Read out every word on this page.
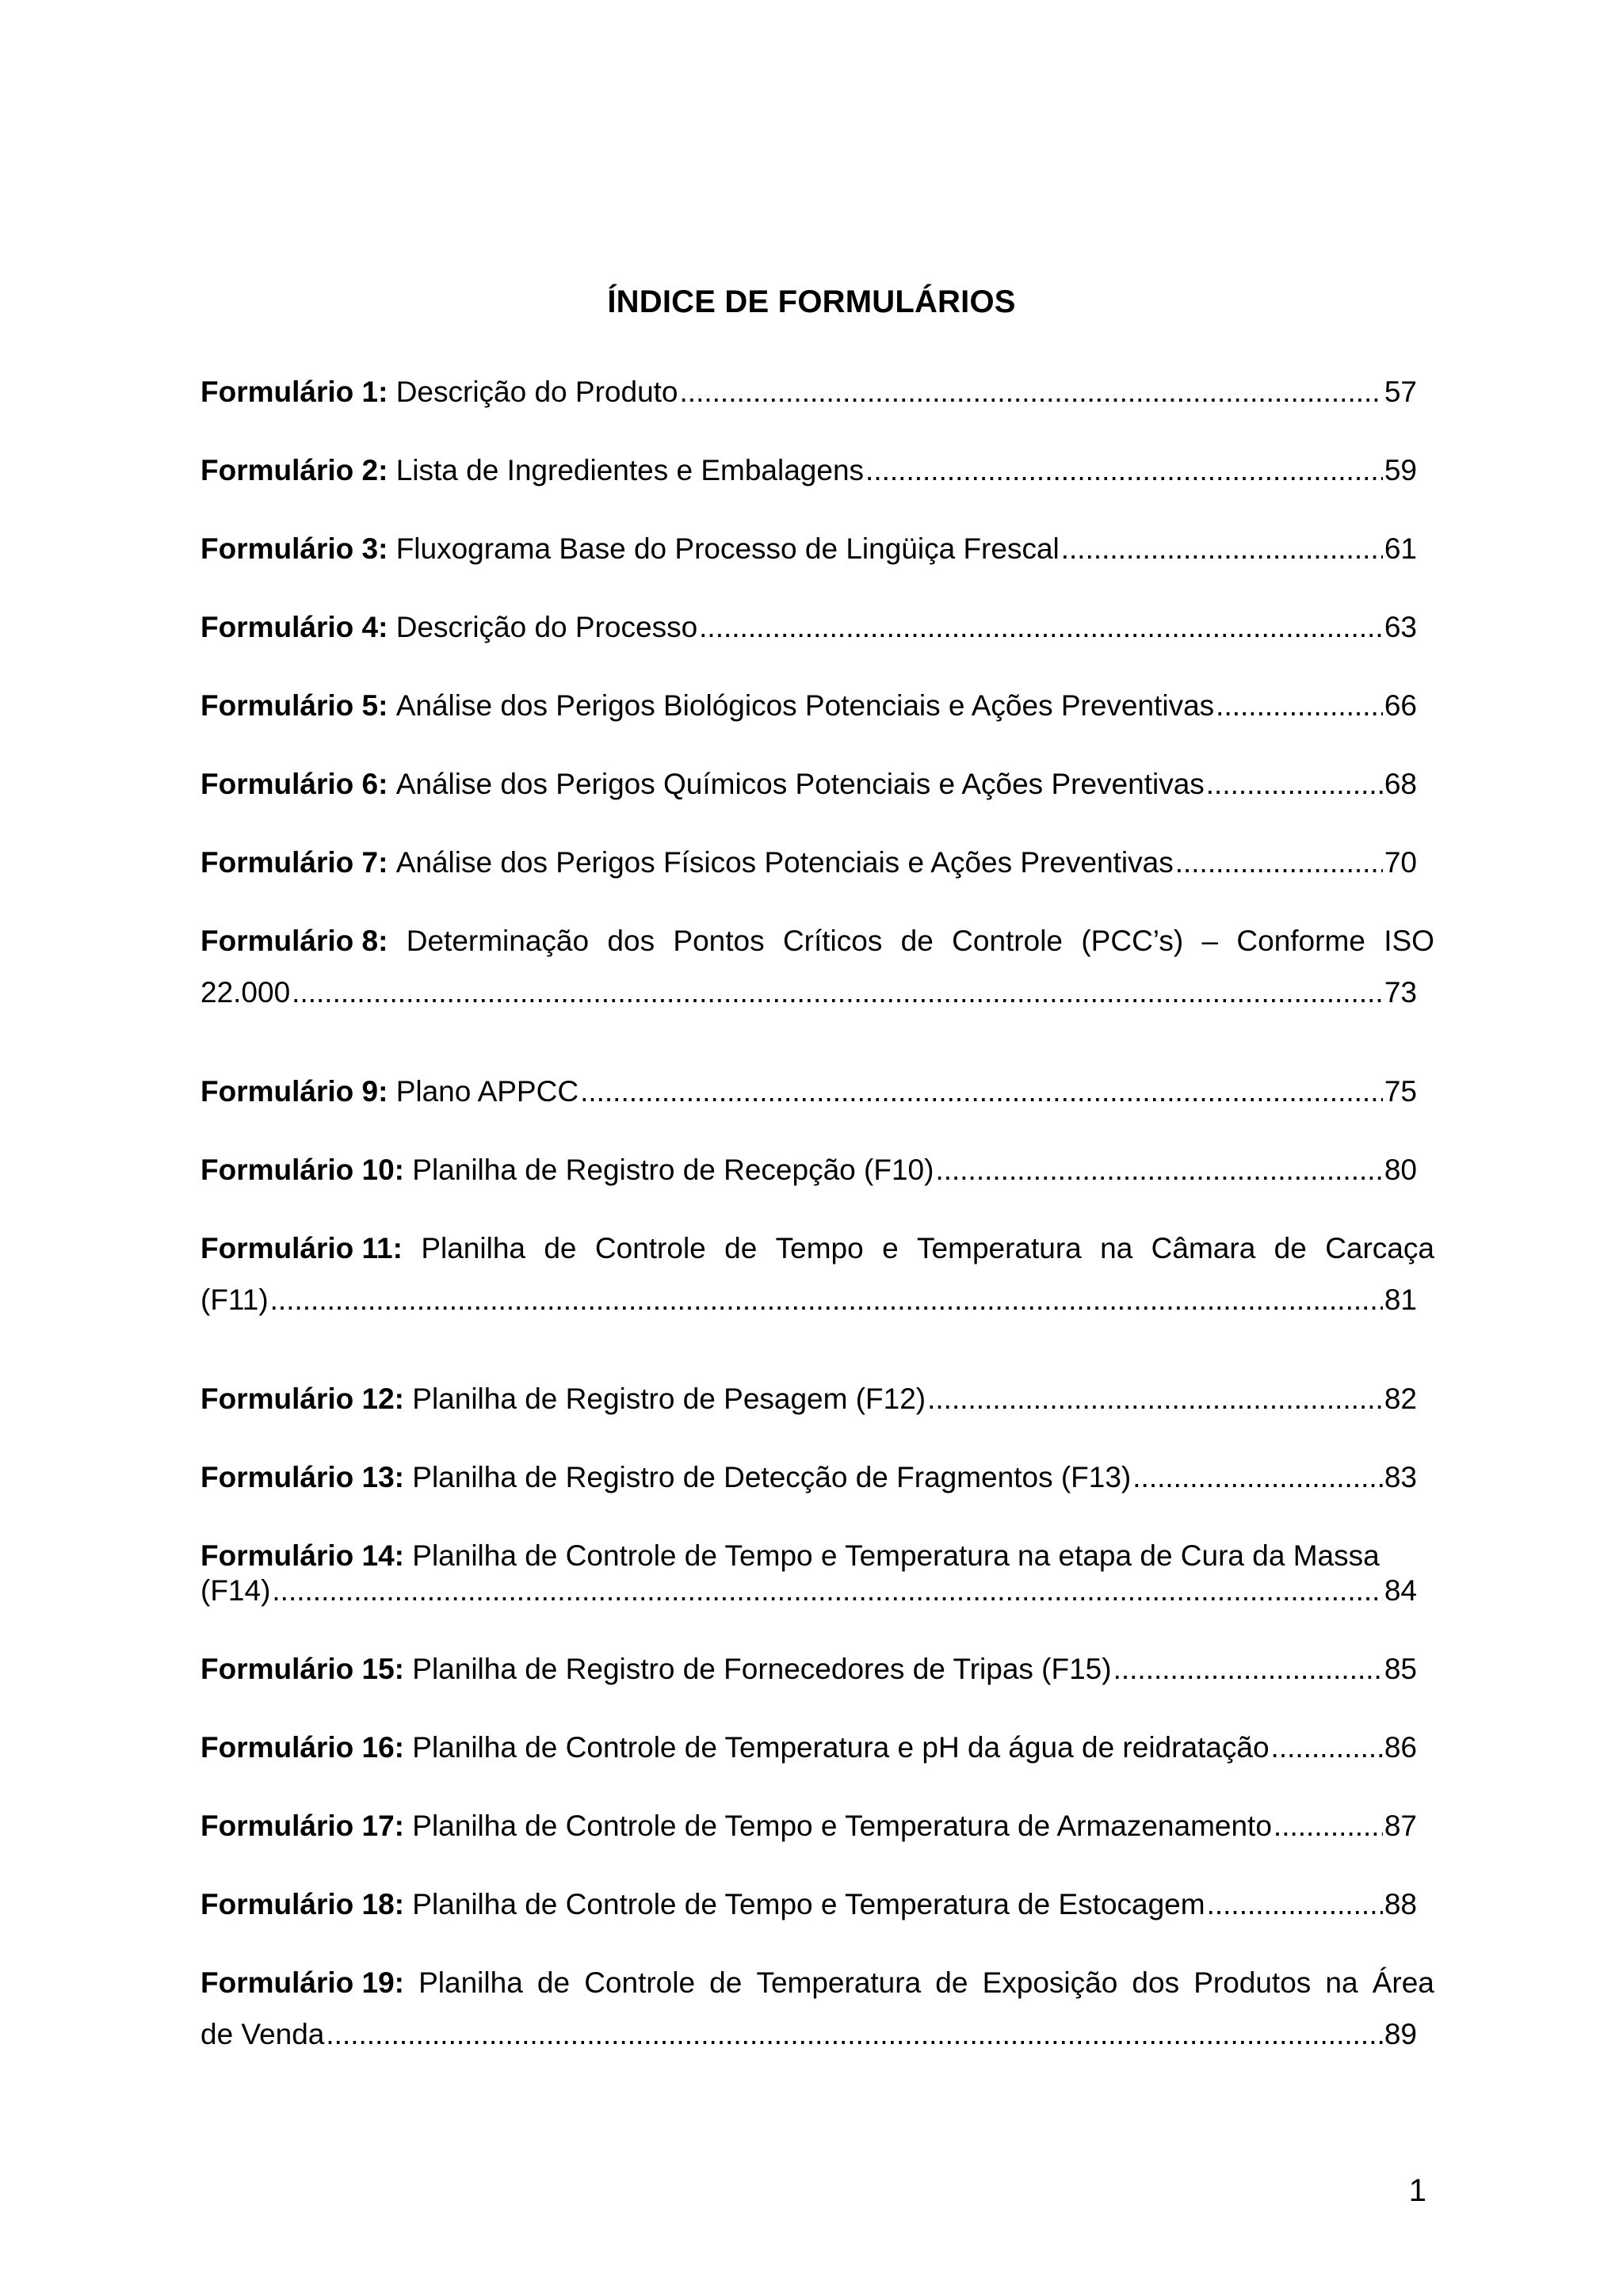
ÍNDICE DE FORMULÁRIOS
Formulário 1:
Descrição do Produto .....	57
Formulário 2:
Lista de Ingredientes e Embalagens .....	59
Formulário 3:
Fluxograma Base do Processo de Lingüiça Frescal .....	61
Formulário 4:
Descrição do Processo .....	63
Formulário 5:
Análise dos Perigos Biológicos Potenciais e Ações Preventivas .....	66
Formulário 6:
Análise dos Perigos Químicos Potenciais e Ações Preventivas .....	68
Formulário 7:
Análise dos Perigos Físicos Potenciais e Ações Preventivas .....	70
Formulário 8: Determinação dos Pontos Críticos de Controle (PCC’s) – Conforme ISO
22.000 .....	73
Formulário 9:
Plano APPCC .....	75
Formulário 10:
Planilha de Registro de Recepção (F10) .....	80
Formulário 11: Planilha de Controle de Tempo e Temperatura na Câmara de Carcaça
(F11) .....	81
Formulário 12:
Planilha de Registro de Pesagem (F12) .....	82
Formulário 13:
Planilha de Registro de Detecção de Fragmentos (F13) .....	83
Formulário 14:
Planilha de Controle de Tempo e Temperatura na etapa de Cura da Massa
(F14) .....	84
Formulário 15:
Planilha de Registro de Fornecedores de Tripas (F15) .....	85
Formulário 16:
Planilha de Controle de Temperatura e pH da água de reidratação .....	86
Formulário 17:
Planilha de Controle de Tempo e Temperatura de Armazenamento .....	87
Formulário 18:
Planilha de Controle de Tempo e Temperatura de Estocagem .....	88
Formulário 19: Planilha de Controle de Temperatura de Exposição dos Produtos na Área
de Venda .....	89
1
